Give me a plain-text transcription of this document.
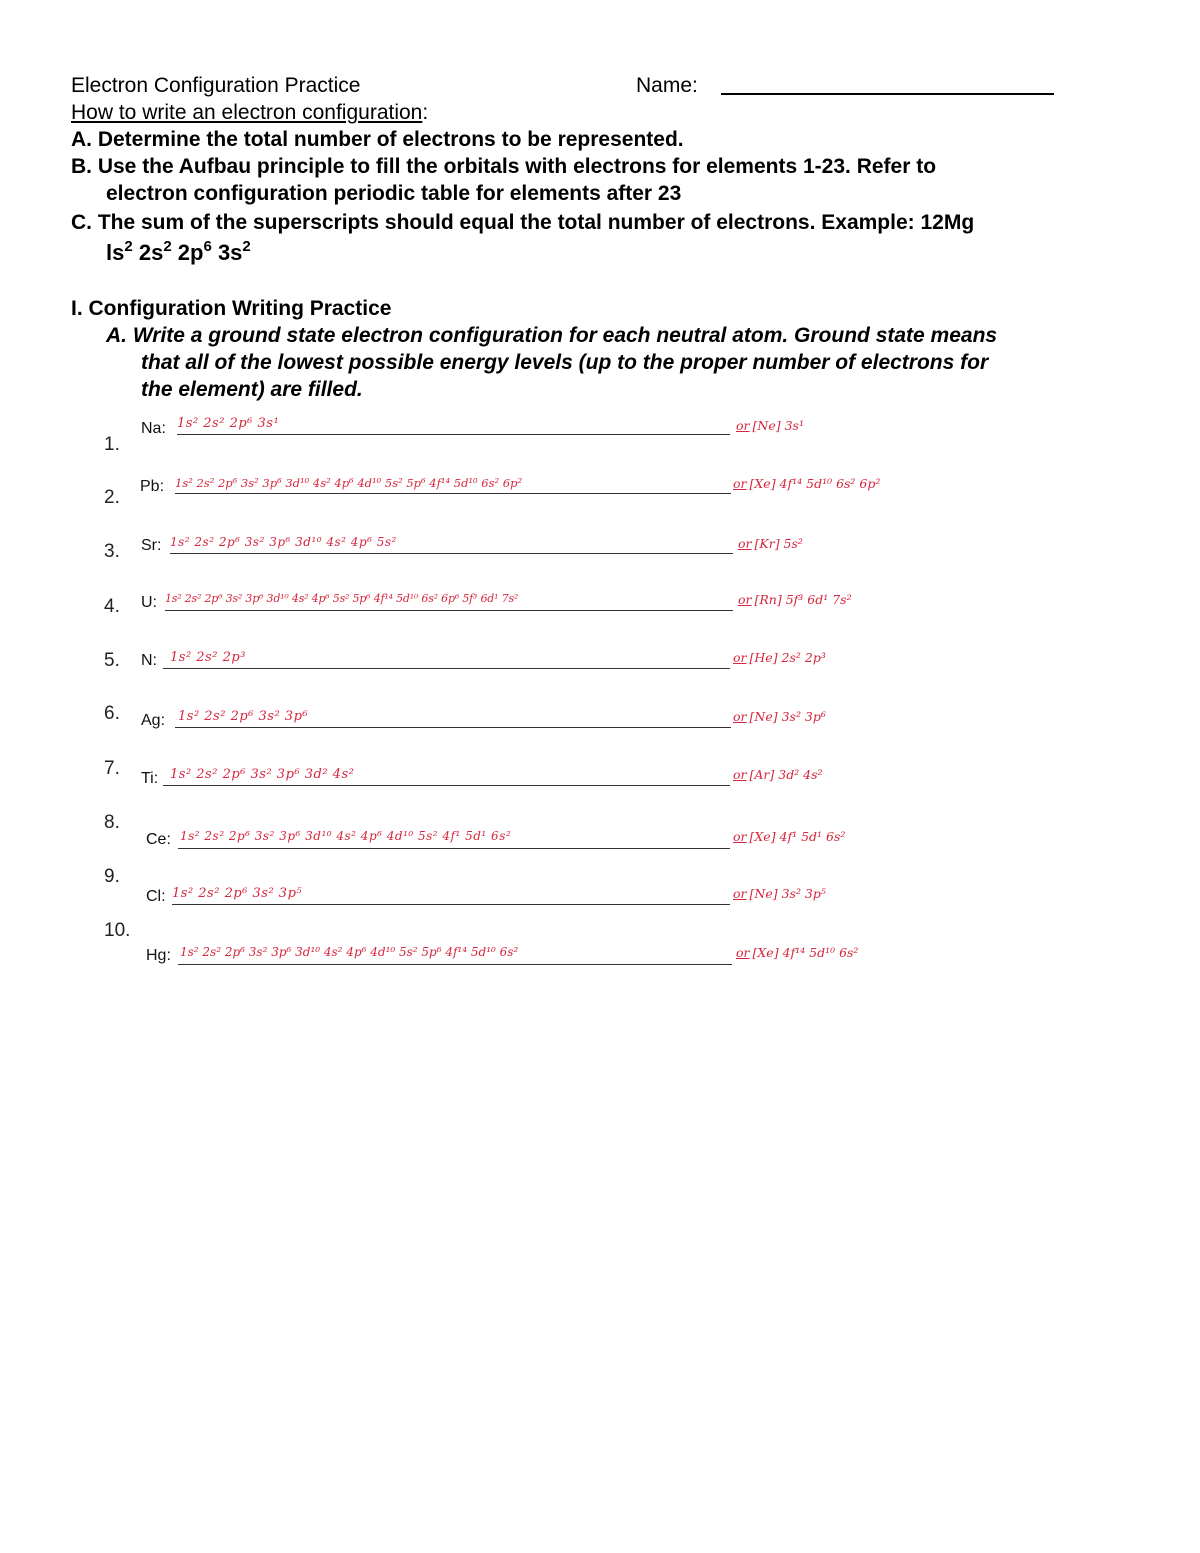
Electron Configuration Practice	Name:
How to write an electron configuration:
A. Determine the total number of electrons to be represented.
B. Use the Aufbau principle to fill the orbitals with electrons for elements 1-23. Refer to
electron configuration periodic table for elements after 23
C. The sum of the superscripts should equal the total number of electrons. Example: 12Mg
$ls^2$ $2s^2$ $2p^6$ $3s^2$
I. Configuration Writing Practice
A. Write a ground state electron configuration for each neutral atom. Ground state means
that all of the lowest possible energy levels (up to the proper number of electrons for
the element) are filled.
1.
Na: 1s² 2s² 2p⁶ 3s¹	or [Ne] 3s¹
2.
Pb: 1s² 2s² 2p⁶ 3s² 3p⁶ 3d¹⁰ 4s² 4p⁶ 4d¹⁰ 5s² 5p⁶ 4f¹⁴ 5d¹⁰ 6s² 6p²	or [Xe] 4f¹⁴ 5d¹⁰ 6s² 6p²
3. Sr: 1s² 2s² 2p⁶ 3s² 3p⁶ 3d¹⁰ 4s² 4p⁶ 5s²	or [Kr] 5s²
4. U: 1s² 2s² 2p⁶ 3s² 3p⁶ 3d¹⁰ 4s² 4p⁶ 5s² 5p⁶ 4f¹⁴ 5d¹⁰ 6s² 6p⁶ 5f³ 6d¹ 7s²	or [Rn] 5f³ 6d¹ 7s²
5. N: 1s² 2s² 2p³	or [He] 2s² 2p³
6. Ag: 1s² 2s² 2p⁶ 3s² 3p⁶	or [Ne] 3s² 3p⁶
7. Ti: 1s² 2s² 2p⁶ 3s² 3p⁶ 3d² 4s²	or [Ar] 3d² 4s²
8.
Ce: 1s² 2s² 2p⁶ 3s² 3p⁶ 3d¹⁰ 4s² 4p⁶ 4d¹⁰ 5s² 4f¹ 5d¹ 6s²	or [Xe] 4f¹ 5d¹ 6s²
9.
Cl: 1s² 2s² 2p⁶ 3s² 3p⁵	or [Ne] 3s² 3p⁵
10.
Hg: 1s² 2s² 2p⁶ 3s² 3p⁶ 3d¹⁰ 4s² 4p⁶ 4d¹⁰ 5s² 5p⁶ 4f¹⁴ 5d¹⁰ 6s²	or [Xe] 4f¹⁴ 5d¹⁰ 6s²
